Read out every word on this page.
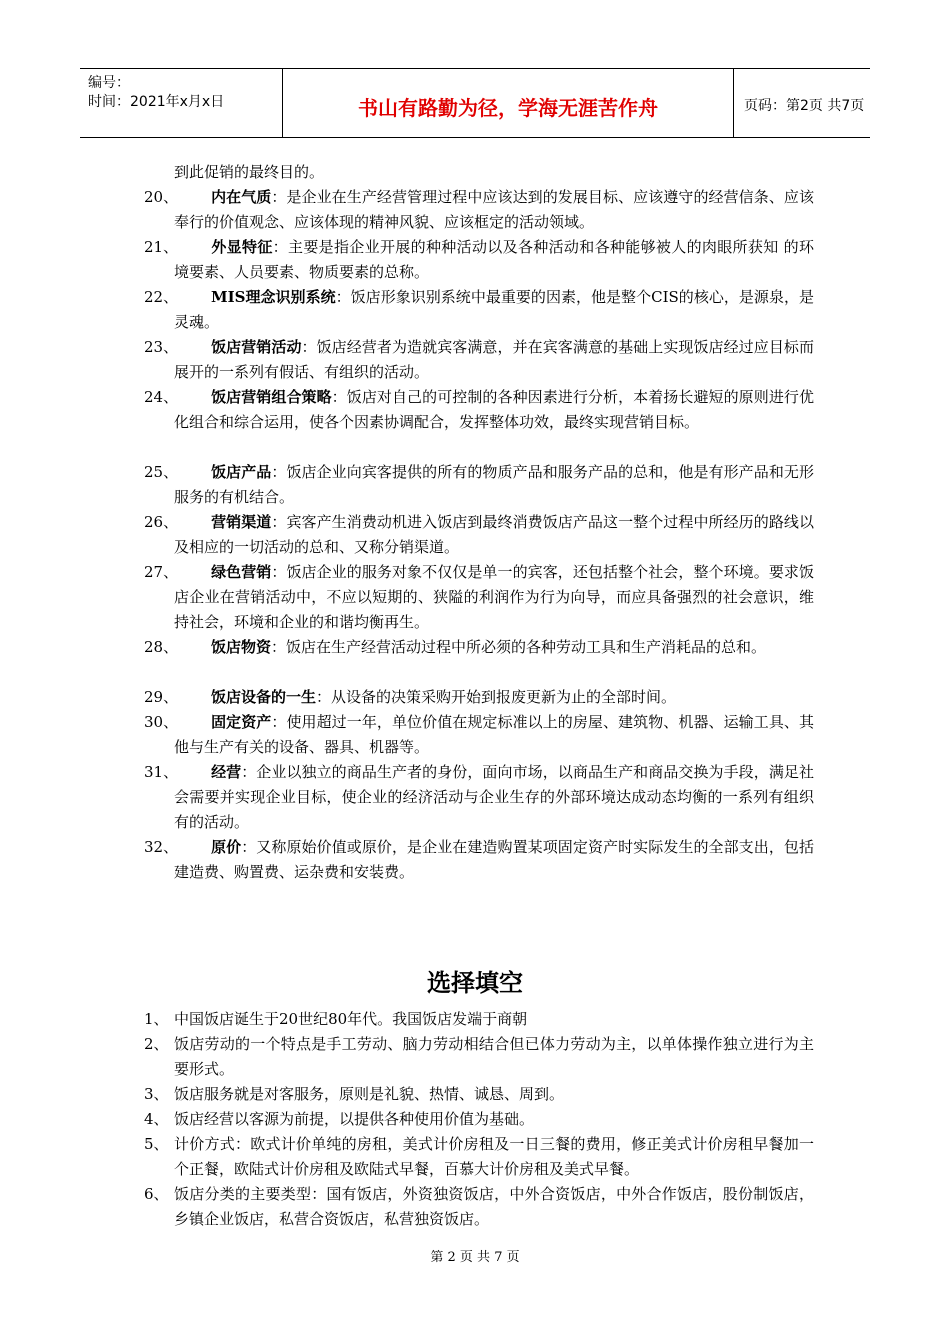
编号：
时间：2021年x月x日	书山有路勤为径，学海无涯苦作舟	页码：第2页 共7页
到此促销的最终目的。
20、	内在气质：是企业在生产经营管理过程中应该达到的发展目标、应该遵守的经营信条、应该奉行的价值观念、应该体现的精神风貌、应该框定的活动领域。
21、	外显特征：主要是指企业开展的种种活动以及各种活动和各种能够被人的肉眼所获知 的环境要素、人员要素、物质要素的总称。
22、	MIS理念识别系统：饭店形象识别系统中最重要的因素，他是整个CIS的核心，是源泉，是灵魂。
23、	饭店营销活动：饭店经营者为造就宾客满意，并在宾客满意的基础上实现饭店经过应目标而展开的一系列有假话、有组织的活动。
24、	饭店营销组合策略：饭店对自己的可控制的各种因素进行分析，本着扬长避短的原则进行优化组合和综合运用，使各个因素协调配合，发挥整体功效，最终实现营销目标。
25、	饭店产品：饭店企业向宾客提供的所有的物质产品和服务产品的总和，他是有形产品和无形服务的有机结合。
26、	营销渠道：宾客产生消费动机进入饭店到最终消费饭店产品这一整个过程中所经历的路线以及相应的一切活动的总和、又称分销渠道。
27、	绿色营销：饭店企业的服务对象不仅仅是单一的宾客，还包括整个社会，整个环境。要求饭店企业在营销活动中，不应以短期的、狭隘的利润作为行为向导，而应具备强烈的社会意识，维持社会，环境和企业的和谐均衡再生。
28、	饭店物资：饭店在生产经营活动过程中所必须的各种劳动工具和生产消耗品的总和。
29、	饭店设备的一生：从设备的决策采购开始到报废更新为止的全部时间。
30、	固定资产：使用超过一年，单位价值在规定标准以上的房屋、建筑物、机器、运输工具、其他与生产有关的设备、器具、机器等。
31、	经营：企业以独立的商品生产者的身份，面向市场，以商品生产和商品交换为手段，满足社会需要并实现企业目标，使企业的经济活动与企业生存的外部环境达成动态均衡的一系列有组织有的活动。
32、	原价：又称原始价值或原价，是企业在建造购置某项固定资产时实际发生的全部支出，包括建造费、购置费、运杂费和安装费。
选择填空
1、 中国饭店诞生于20世纪80年代。我国饭店发端于商朝
2、 饭店劳动的一个特点是手工劳动、脑力劳动相结合但已体力劳动为主，以单体操作独立进行为主要形式。
3、 饭店服务就是对客服务，原则是礼貌、热情、诚恳、周到。
4、 饭店经营以客源为前提，以提供各种使用价值为基础。
5、 计价方式：欧式计价单纯的房租，美式计价房租及一日三餐的费用，修正美式计价房租早餐加一个正餐，欧陆式计价房租及欧陆式早餐，百慕大计价房租及美式早餐。
6、 饭店分类的主要类型：国有饭店，外资独资饭店，中外合资饭店，中外合作饭店，股份制饭店，乡镇企业饭店，私营合资饭店，私营独资饭店。
第 2 页 共 7 页
